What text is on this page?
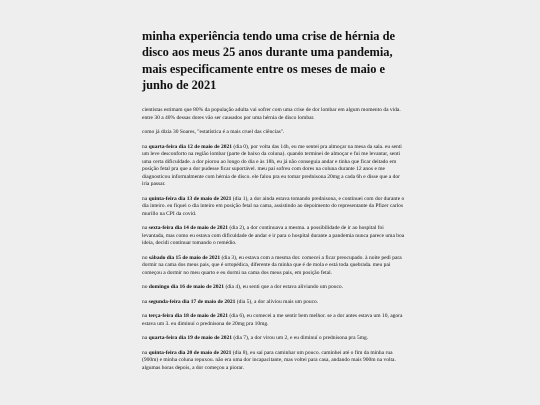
minha experiência tendo uma crise de hérnia de disco aos meus 25 anos durante uma pandemia, mais especificamente entre os meses de maio e junho de 2021

cientistas estimam que 80% da população adulta vai sofrer com uma crise de dor lombar em algum momento da vida. entre 30 a 40% dessas dores vão ser causados por uma hérnia de disco lombar.

como já dizia 30 Soares, "estatística é a mais cruel das ciências".

na quarta-feira dia 12 de maio de 2021 (dia 0), por volta das 14h, eu me sentei pra almoçar na mesa da sala. eu senti um leve desconforto na região lombar (parte de baixo da coluna). quando terminei de almoçar e fui me levantar, senti uma certa dificuldade. a dor piorou ao longo do dia e às 18h, eu já não conseguia andar e tinha que ficar deitado em posição fetal pra que a dor pudesse ficar suportável. meu pai sofreu com dores na coluna durante 12 anos e me diagnosticou informalmente com hérnia de disco. ele falou pra eu tomar prednisona 20mg a cada 6h e disse que a dor iria passar.

na quinta-feira dia 13 de maio de 2021 (dia 1), a dor ainda estava tomando prednisona, e continuei com dor durante o dia inteiro. eu fiquei o dia inteiro em posição fetal na cama, assistindo ao depoimento do representante da Pfizer carlos murillo na CPI da covid.

na sexta-feira dia 14 de maio de 2021 (dia 2), a dor continuava a mesma. a possibilidade de ir ao hospital foi levantada, mas como eu estava com dificuldade de andar e ir para o hospital durante a pandemia nunca parece uma boa ideia, decidi continuar tomando o remédio.

no sábado dia 15 de maio de 2021 (dia 3), eu estava com a mesma dor. comecei a ficar preocupado. à noite pedi para dormir na cama dos meus pais, que é ortopédica, diferente da minha que é de mola e está toda quebrada. meu pai começou a dormir no meu quarto e eu dormi na cama dos meus pais, em posição fetal.

no domingo dia 16 de maio de 2021 (dia 4), eu senti que a dor estava aliviando um pouco.

na segunda-feira dia 17 de maio de 2021 (dia 5), a dor aliviou mais um pouco.

na terça-feira dia 18 de maio de 2021 (dia 6), eu comecei a me sentir bem melhor. se a dor antes estava um 10, agora estava um 3. eu diminuí o prednisona de 20mg pra 10mg.

na quarta-feira dia 19 de maio de 2021 (dia 7), a dor virou um 2, e eu diminuí o prednisona pra 5mg.

na quinta-feira dia 20 de maio de 2021 (dia 8), eu saí para caminhar um pouco. caminhei até o fim da minha rua (900m) e minha coluna repuxou. não era uma dor incapacitante, mas voltei para casa, andando mais 900m na volta. algumas horas depois, a dor começou a piorar.
